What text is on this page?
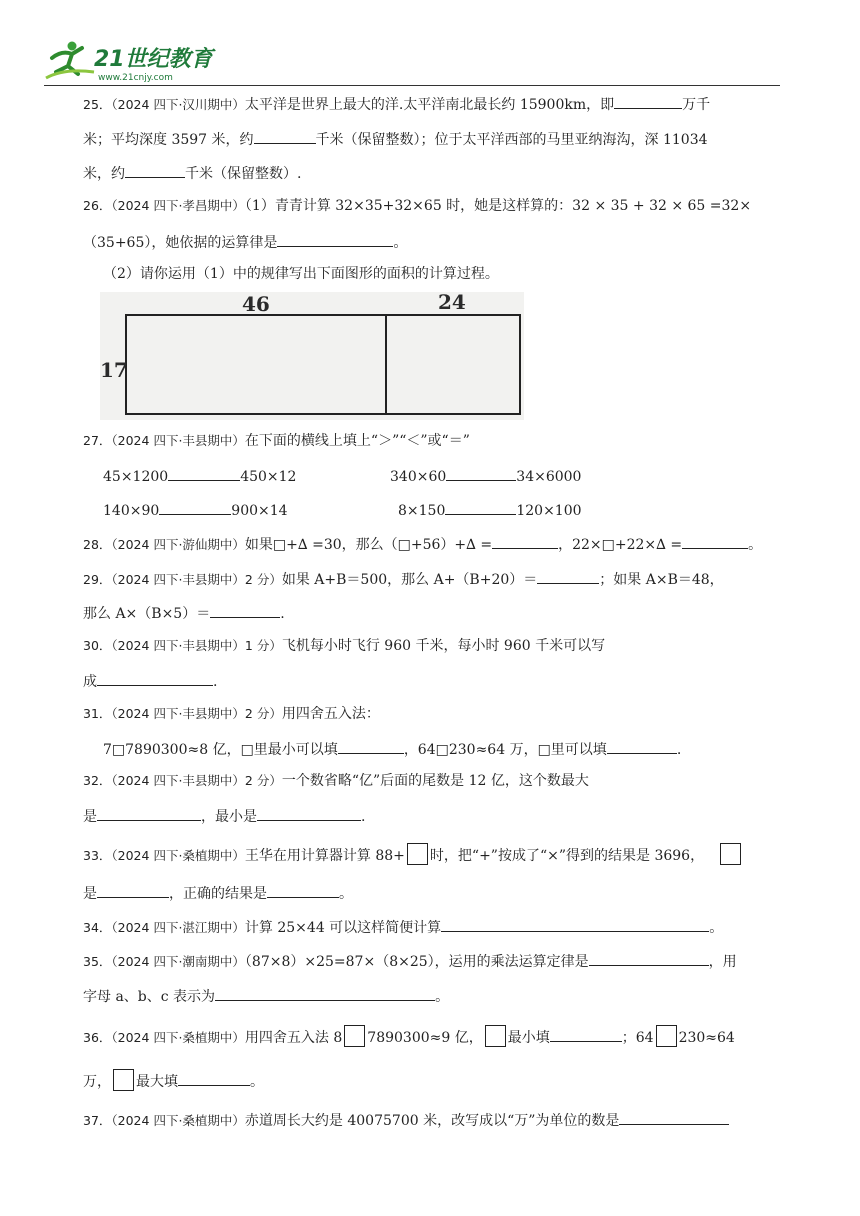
21世纪教育
www.21cnjy.com
25．（2024 四下·汉川期中）太平洋是世界上最大的洋.太平洋南北最长约 15900km，即	万千
米；平均深度 3597 米，约	千米（保留整数）；位于太平洋西部的马里亚纳海沟，深 11034
米，约	千米（保留整数）.
26．（2024 四下·孝昌期中）（1）青青计算 32×35+32×65 时，她是这样算的：32 × 35 + 32 × 65 =32×
（35+65），她依据的运算律是	。
（2）请你运用（1）中的规律写出下面图形的面积的计算过程。
46	24
17
27．（2024 四下·丰县期中）在下面的横线上填上“＞”“＜”或“＝”
45×1200	450×12	340×60	34×6000
140×90	900×14	8×150	120×100
28．（2024 四下·游仙期中）如果□+∆ =30，那么（□+56）+∆ =	，22×□+22×∆ =	。
29．（2024 四下·丰县期中）2 分）如果 A+B＝500，那么 A+（B+20）＝	；如果 A×B＝48，
那么 A×（B×5）＝	.
30．（2024 四下·丰县期中）1 分）飞机每小时飞行 960 千米，每小时 960 千米可以写
成	.
31．（2024 四下·丰县期中）2 分）用四舍五入法：
7□7890300≈8 亿，□里最小可以填	，64□230≈64 万，□里可以填	.
32．（2024 四下·丰县期中）2 分）一个数省略“亿”后面的尾数是 12 亿，这个数最大
是	，最小是	.
33．（2024 四下·桑植期中）王华在用计算器计算 88+ 时，把“+”按成了“×”得到的结果是 3696，
是	，正确的结果是	。
34．（2024 四下·湛江期中）计算 25×44 可以这样简便计算	。
35．（2024 四下·潮南期中）（87×8）×25=87×（8×25），运用的乘法运算定律是	，用
字母 a、b、c 表示为	。
36．（2024 四下·桑植期中）用四舍五入法 8 7890300≈9 亿， 最小填	；64 230≈64
万， 最大填	。
37．（2024 四下·桑植期中）赤道周长大约是 40075700 米，改写成以“万”为单位的数是
